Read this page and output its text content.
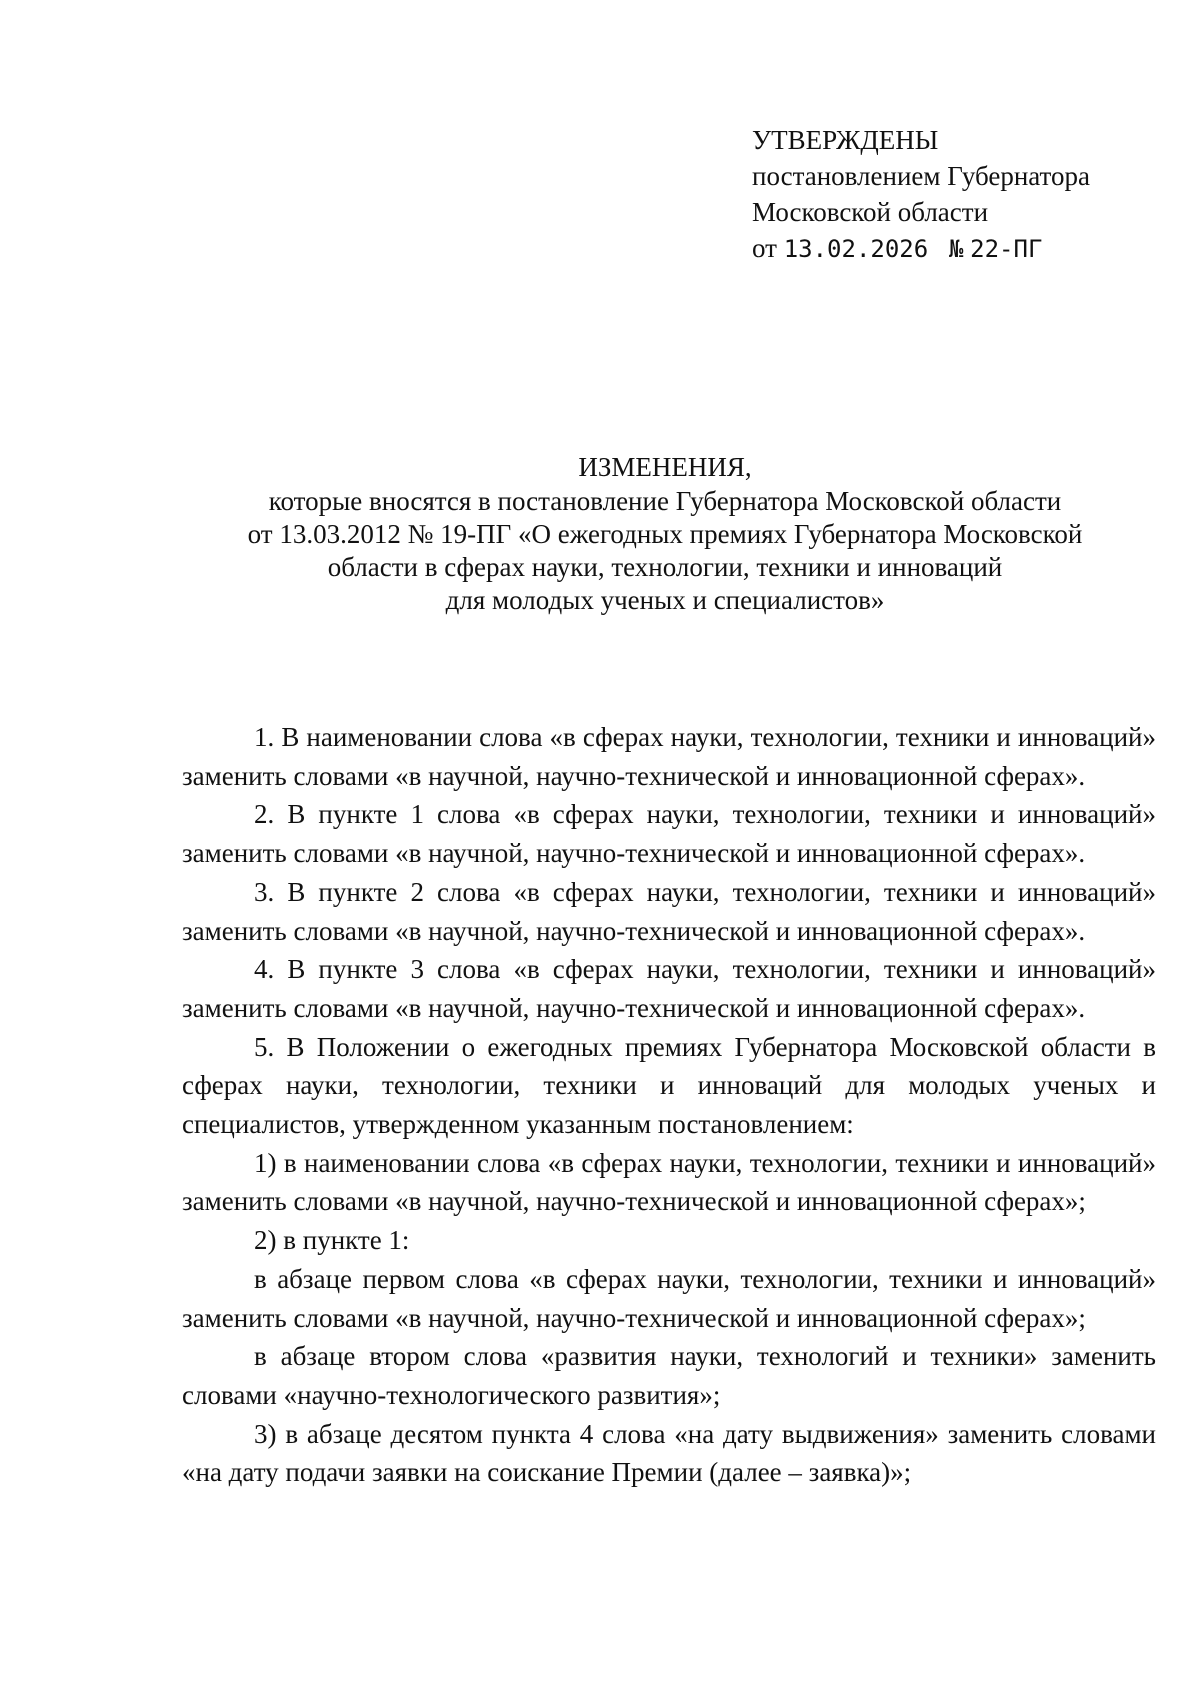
УТВЕРЖДЕНЫ
постановлением Губернатора
Московской области
от 13.02.2026 № 22-ПГ
ИЗМЕНЕНИЯ,
которые вносятся в постановление Губернатора Московской области
от 13.03.2012 № 19-ПГ «О ежегодных премиях Губернатора Московской
области в сферах науки, технологии, техники и инноваций
для молодых ученых и специалистов»

1. В наименовании слова «в сферах науки, технологии, техники и инноваций» заменить словами «в научной, научно-технической и инновационной сферах».

2. В пункте 1 слова «в сферах науки, технологии, техники и инноваций» заменить словами «в научной, научно-технической и инновационной сферах».

3. В пункте 2 слова «в сферах науки, технологии, техники и инноваций» заменить словами «в научной, научно-технической и инновационной сферах».

4. В пункте 3 слова «в сферах науки, технологии, техники и инноваций» заменить словами «в научной, научно-технической и инновационной сферах».

5. В Положении о ежегодных премиях Губернатора Московской области в сферах науки, технологии, техники и инноваций для молодых ученых и специалистов, утвержденном указанным постановлением:

1) в наименовании слова «в сферах науки, технологии, техники и инноваций» заменить словами «в научной, научно-технической и инновационной сферах»;

2) в пункте 1:

в абзаце первом слова «в сферах науки, технологии, техники и инноваций» заменить словами «в научной, научно-технической и инновационной сферах»;

в абзаце втором слова «развития науки, технологий и техники» заменить словами «научно-технологического развития»;

3) в абзаце десятом пункта 4 слова «на дату выдвижения» заменить словами «на дату подачи заявки на соискание Премии (далее – заявка)»;
